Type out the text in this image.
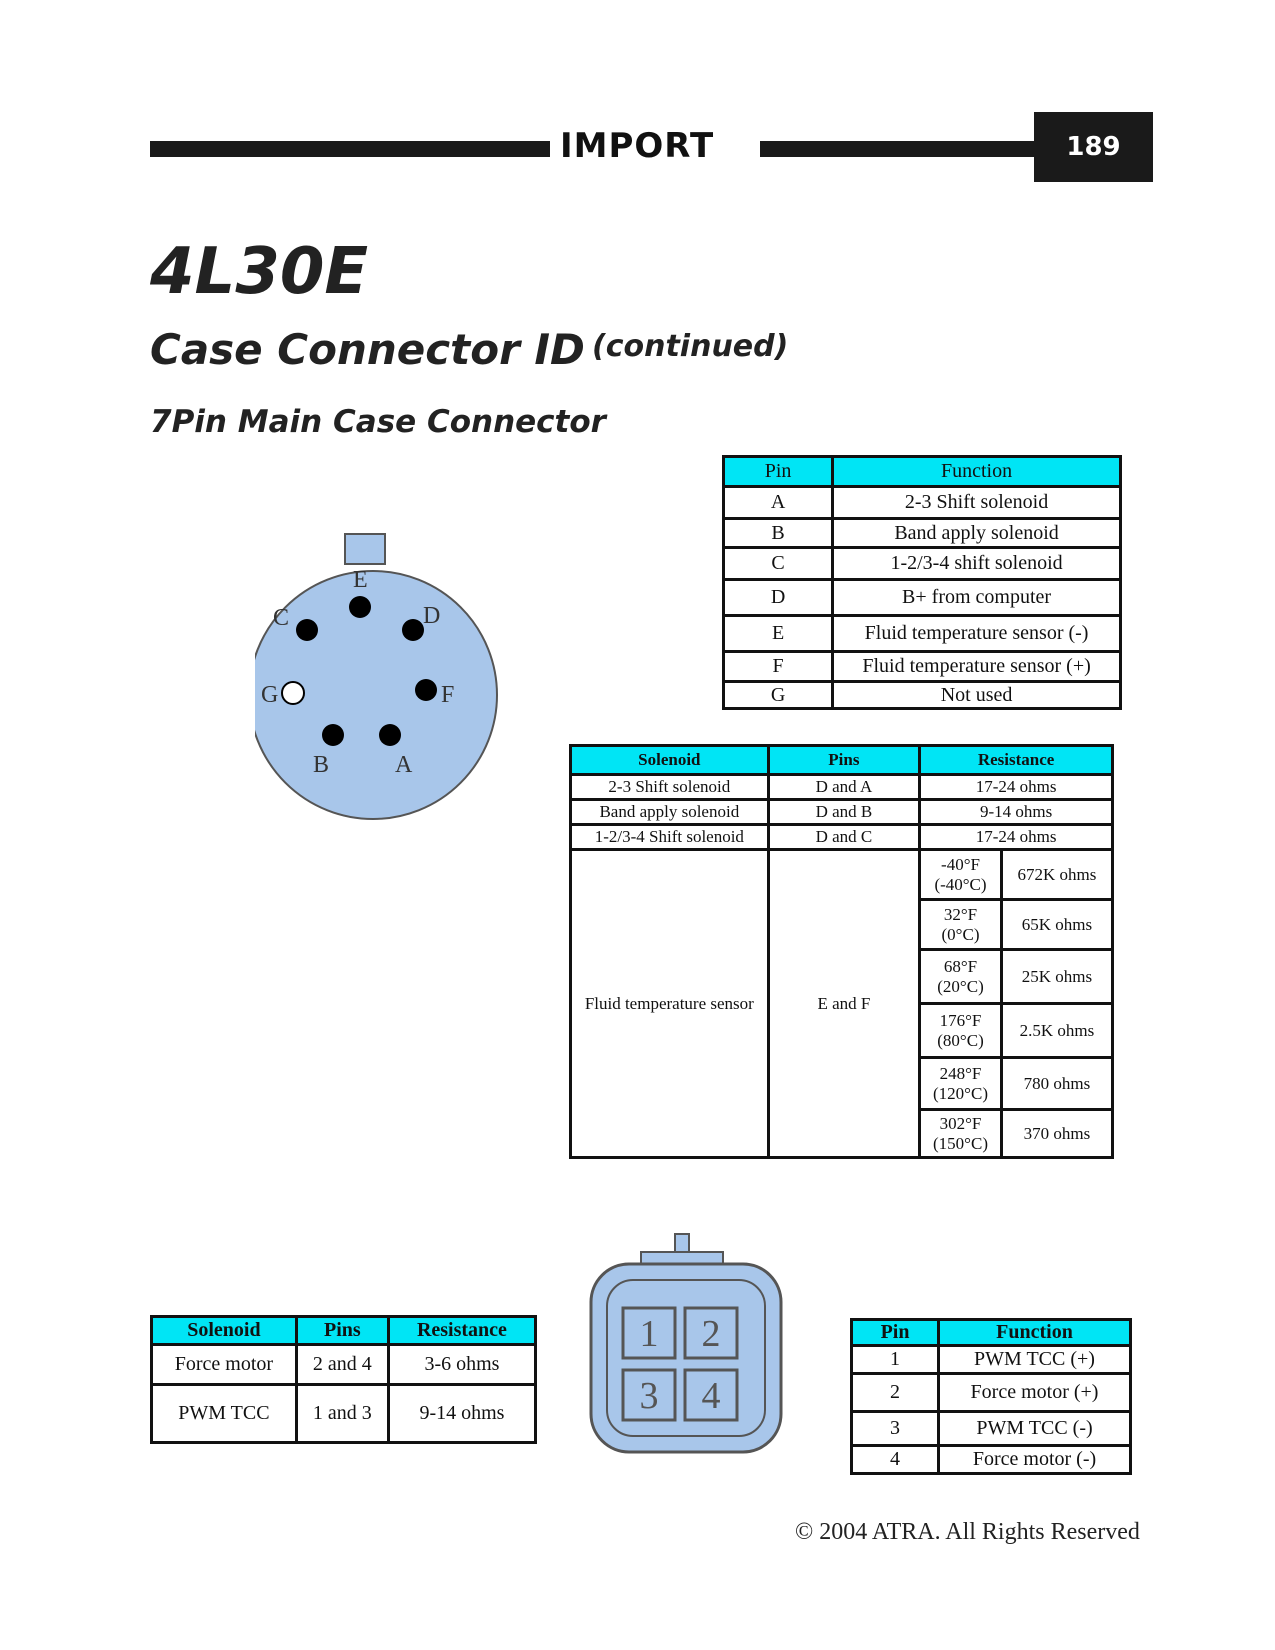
IMPORT	189
4L30E
Case Connector ID (continued)
7Pin Main Case Connector
E
C	D
G	F
B	A
Pin	Function
A	2-3 Shift solenoid
B	Band apply solenoid
C	1-2/3-4 shift solenoid
D	B+ from computer
E	Fluid temperature sensor (-)
F	Fluid temperature sensor (+)
G	Not used
Solenoid	Pins	Resistance	
2-3 Shift solenoid	D and A	17-24 ohms	
Band apply solenoid	D and B	9-14 ohms	
1-2/3-4 Shift solenoid	D and C	17-24 ohms	
Fluid temperature sensor	E and F	-40°F (-40°C)	672K ohms
		32°F (0°C)	65K ohms
		68°F (20°C)	25K ohms
		176°F (80°C)	2.5K ohms
		248°F (120°C)	780 ohms
		302°F (150°C)	370 ohms
Solenoid	Pins	Resistance
Force motor	2 and 4	3-6 ohms
PWM TCC	1 and 3	9-14 ohms
1 2
3 4
Pin	Function
1	PWM TCC (+)
2	Force motor (+)
3	PWM TCC (-)
4	Force motor (-)
© 2004 ATRA. All Rights Reserved
